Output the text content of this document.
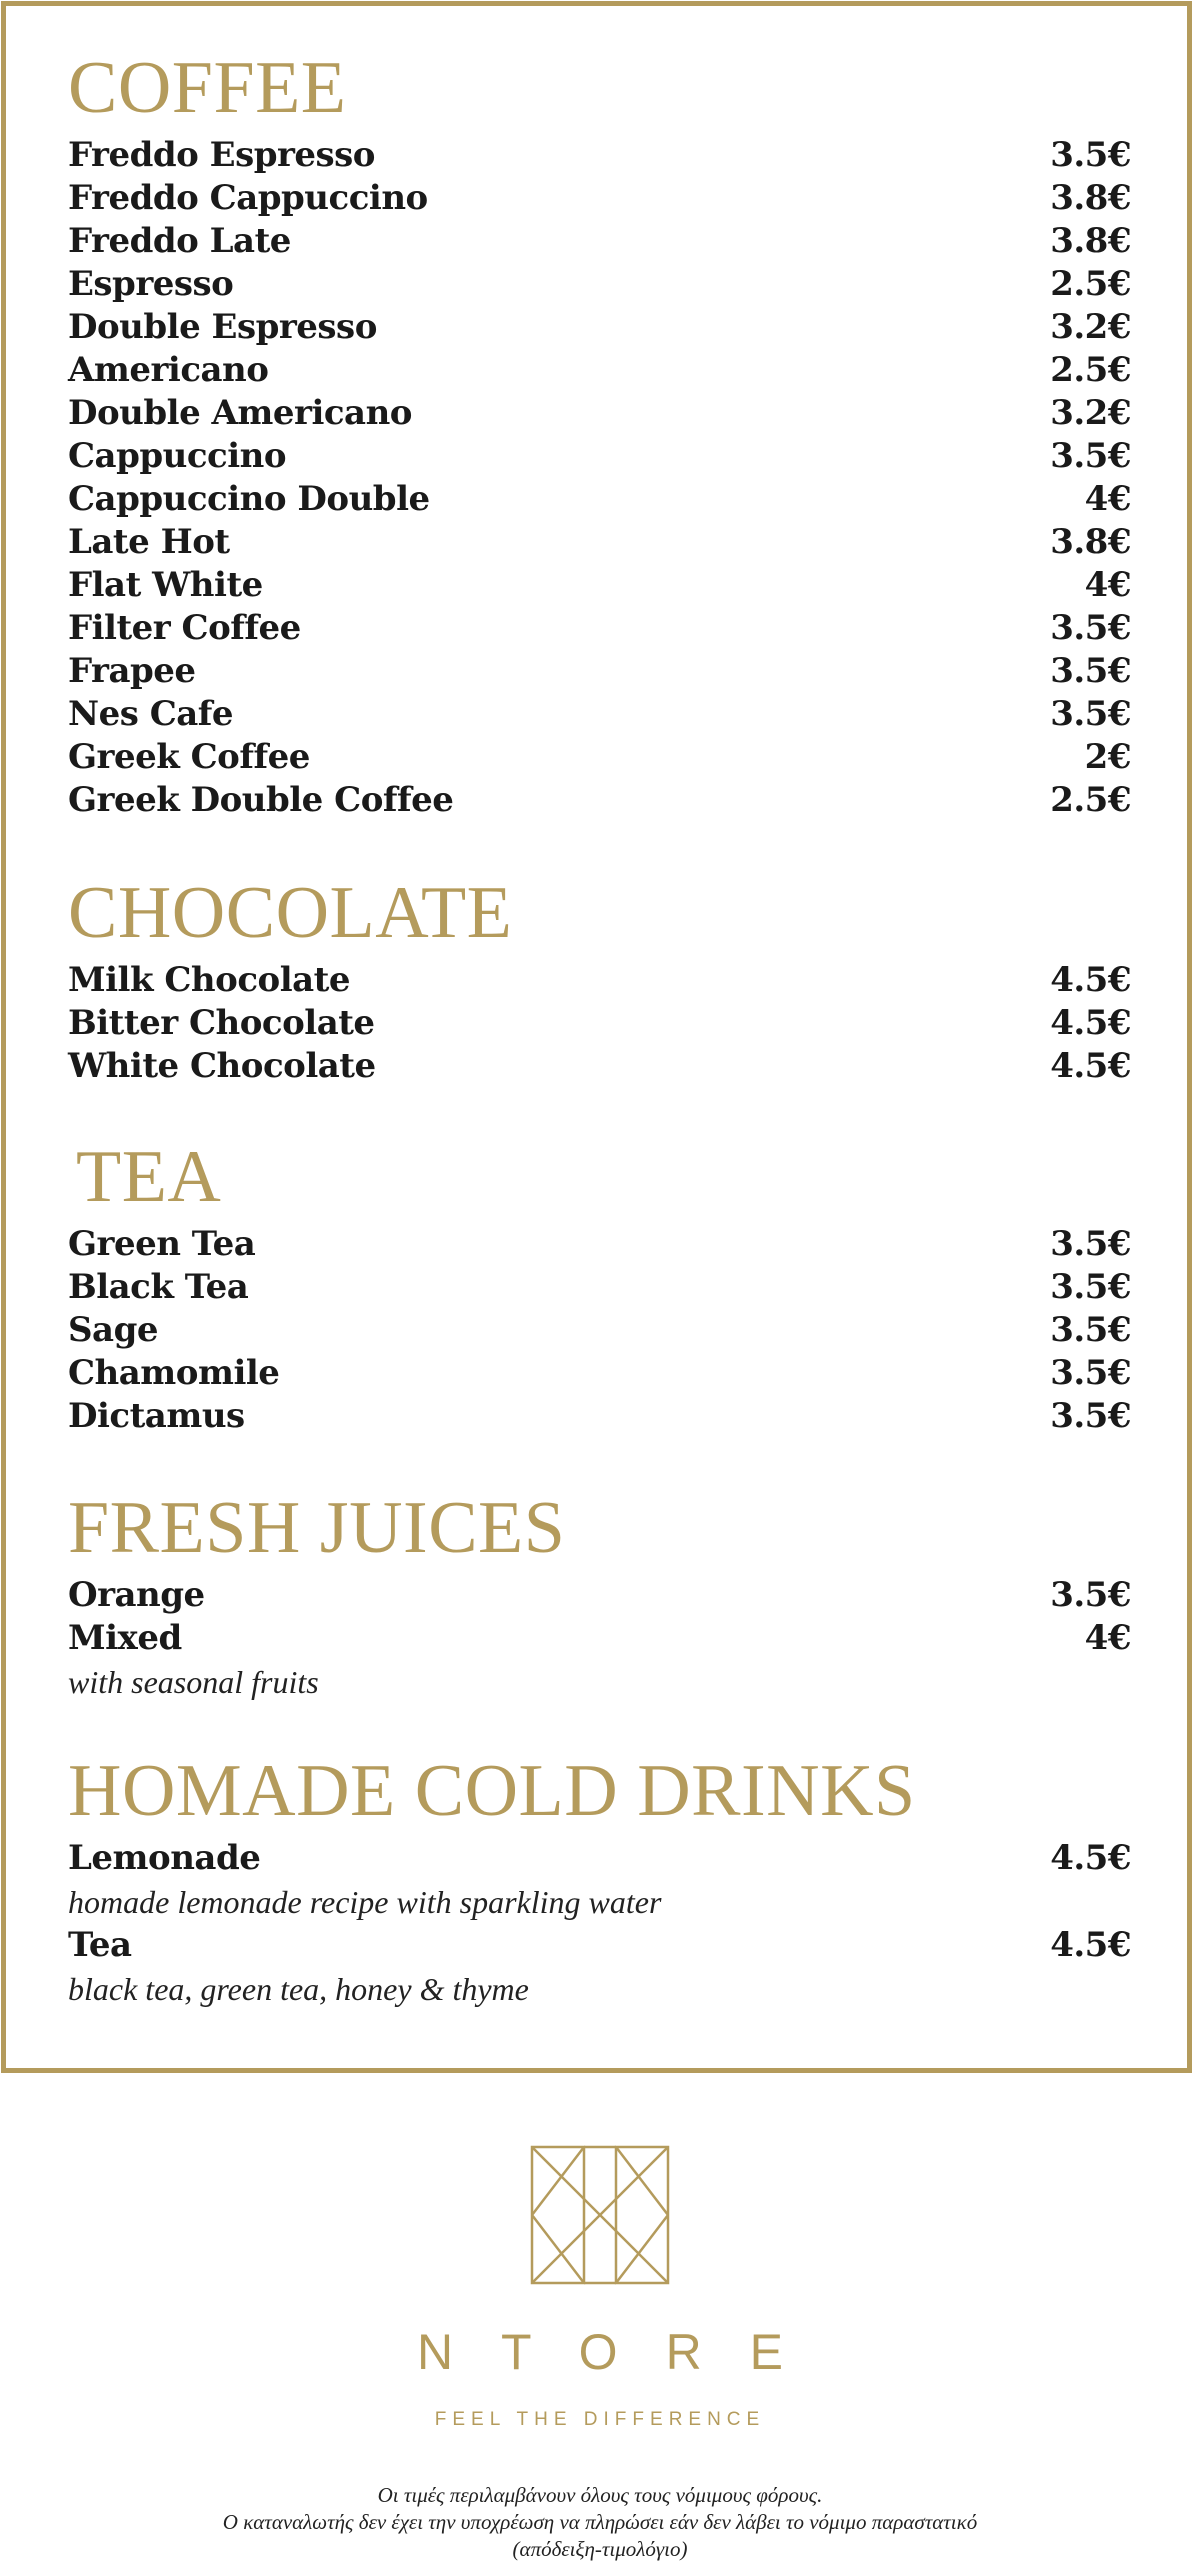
COFFEE
Freddo Espresso	3.5€
Freddo Cappuccino	3.8€
Freddo Late	3.8€
Espresso	2.5€
Double Espresso	3.2€
Americano	2.5€
Double Americano	3.2€
Cappuccino	3.5€
Cappuccino Double	4€
Late Hot	3.8€
Flat White	4€
Filter Coffee	3.5€
Frapee	3.5€
Nes Cafe	3.5€
Greek Coffee	2€
Greek Double Coffee	2.5€
CHOCOLATE
Milk Chocolate	4.5€
Bitter Chocolate	4.5€
White Chocolate	4.5€
TEA
Green Tea	3.5€
Black Tea	3.5€
Sage	3.5€
Chamomile	3.5€
Dictamus	3.5€
FRESH JUICES
Orange	3.5€
Mixed	4€
with seasonal fruits
HOMADE COLD DRINKS
Lemonade	4.5€
homade lemonade recipe with sparkling water
Tea	4.5€
black tea, green tea, honey & thyme
NTORE
FEEL THE DIFFERENCE
Οι τιμές περιλαμβάνουν όλους τους νόμιμους φόρους.
Ο καταναλωτής δεν έχει την υποχρέωση να πληρώσει εάν δεν λάβει το νόμιμο παραστατικό
(απόδειξη-τιμολόγιο)
